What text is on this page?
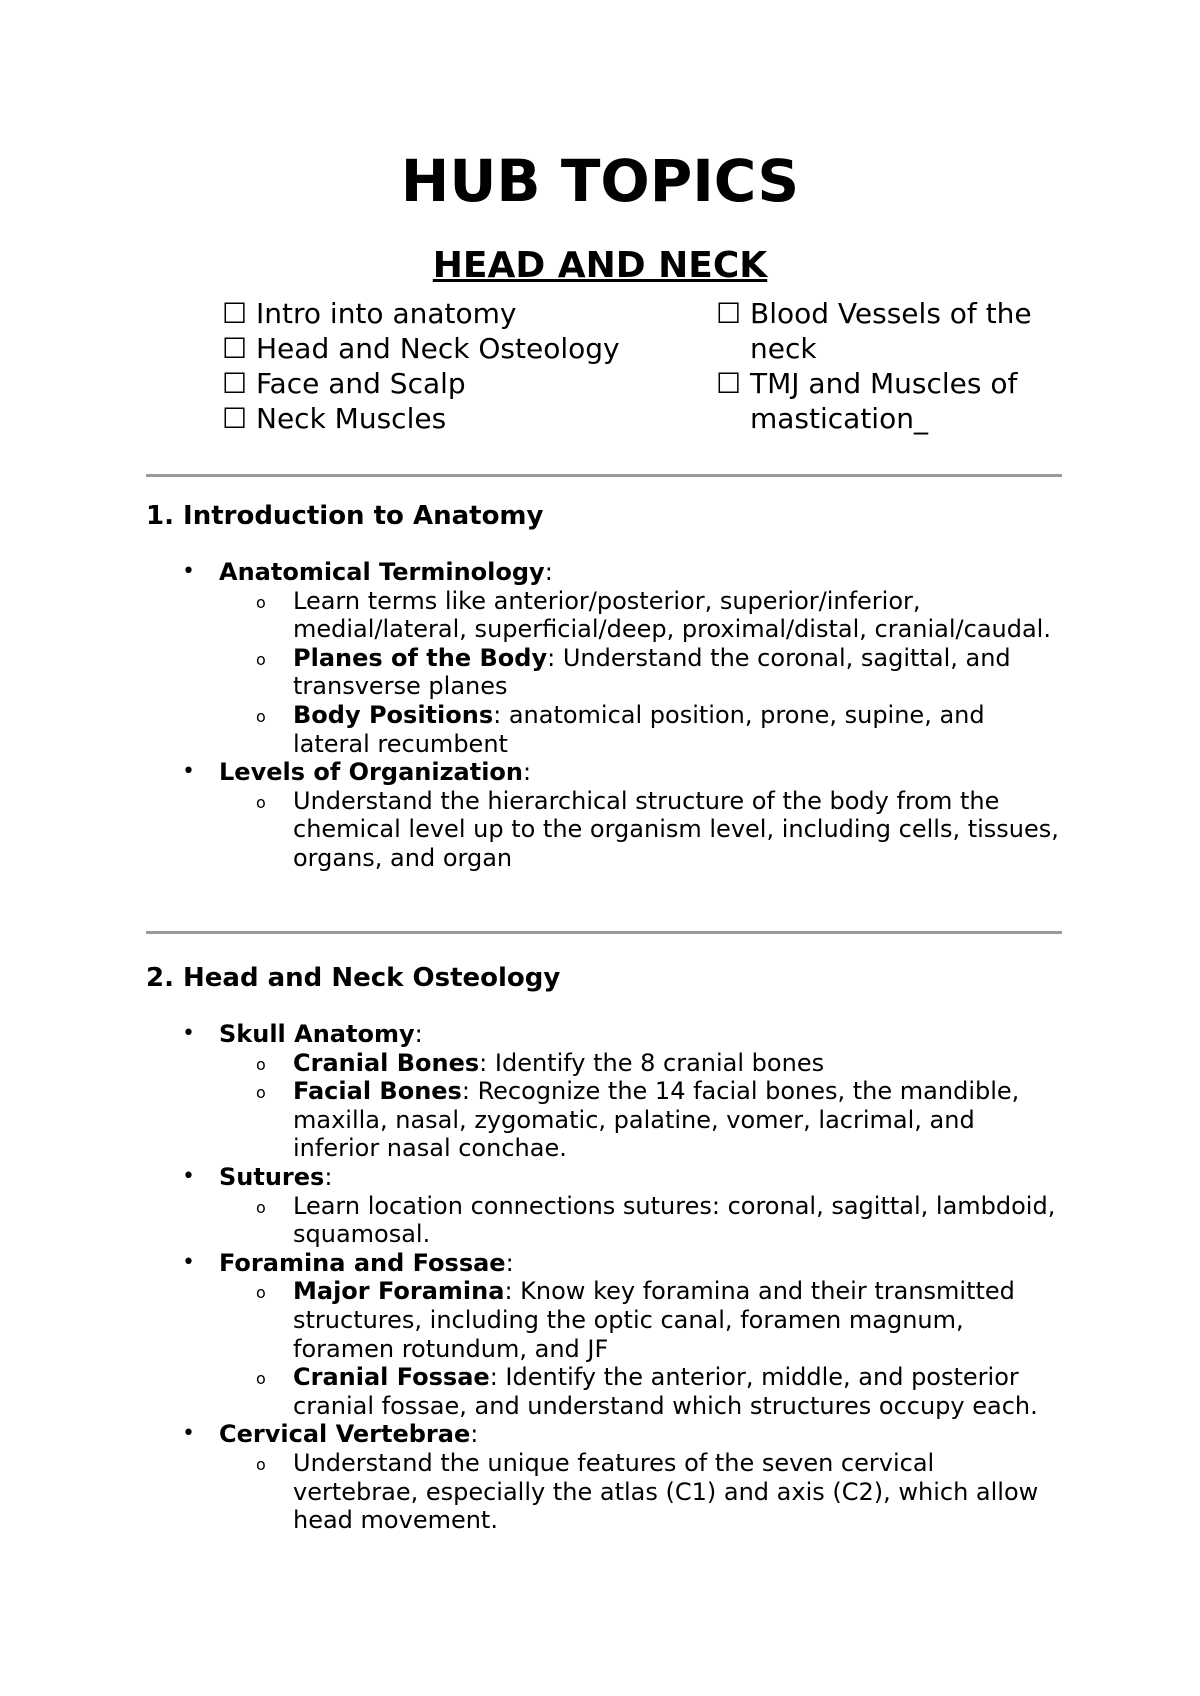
HUB TOPICS
HEAD AND NECK
☐ Intro into anatomy
☐ Head and Neck Osteology
☐ Face and Scalp
☐ Neck Muscles
☐ Blood Vessels of the neck
☐ TMJ and Muscles of mastication_
1. Introduction to Anatomy
• Anatomical Terminology:
o Learn terms like anterior/posterior, superior/inferior, medial/lateral, superficial/deep, proximal/distal, cranial/caudal.
o Planes of the Body: Understand the coronal, sagittal, and transverse planes
o Body Positions: anatomical position, prone, supine, and lateral recumbent
• Levels of Organization:
o Understand the hierarchical structure of the body from the chemical level up to the organism level, including cells, tissues, organs, and organ
2. Head and Neck Osteology
• Skull Anatomy:
o Cranial Bones: Identify the 8 cranial bones
o Facial Bones: Recognize the 14 facial bones, the mandible, maxilla, nasal, zygomatic, palatine, vomer, lacrimal, and inferior nasal conchae.
• Sutures:
o Learn location connections sutures: coronal, sagittal, lambdoid, squamosal.
• Foramina and Fossae:
o Major Foramina: Know key foramina and their transmitted structures, including the optic canal, foramen magnum, foramen rotundum, and JF
o Cranial Fossae: Identify the anterior, middle, and posterior cranial fossae, and understand which structures occupy each.
• Cervical Vertebrae:
o Understand the unique features of the seven cervical vertebrae, especially the atlas (C1) and axis (C2), which allow head movement.
